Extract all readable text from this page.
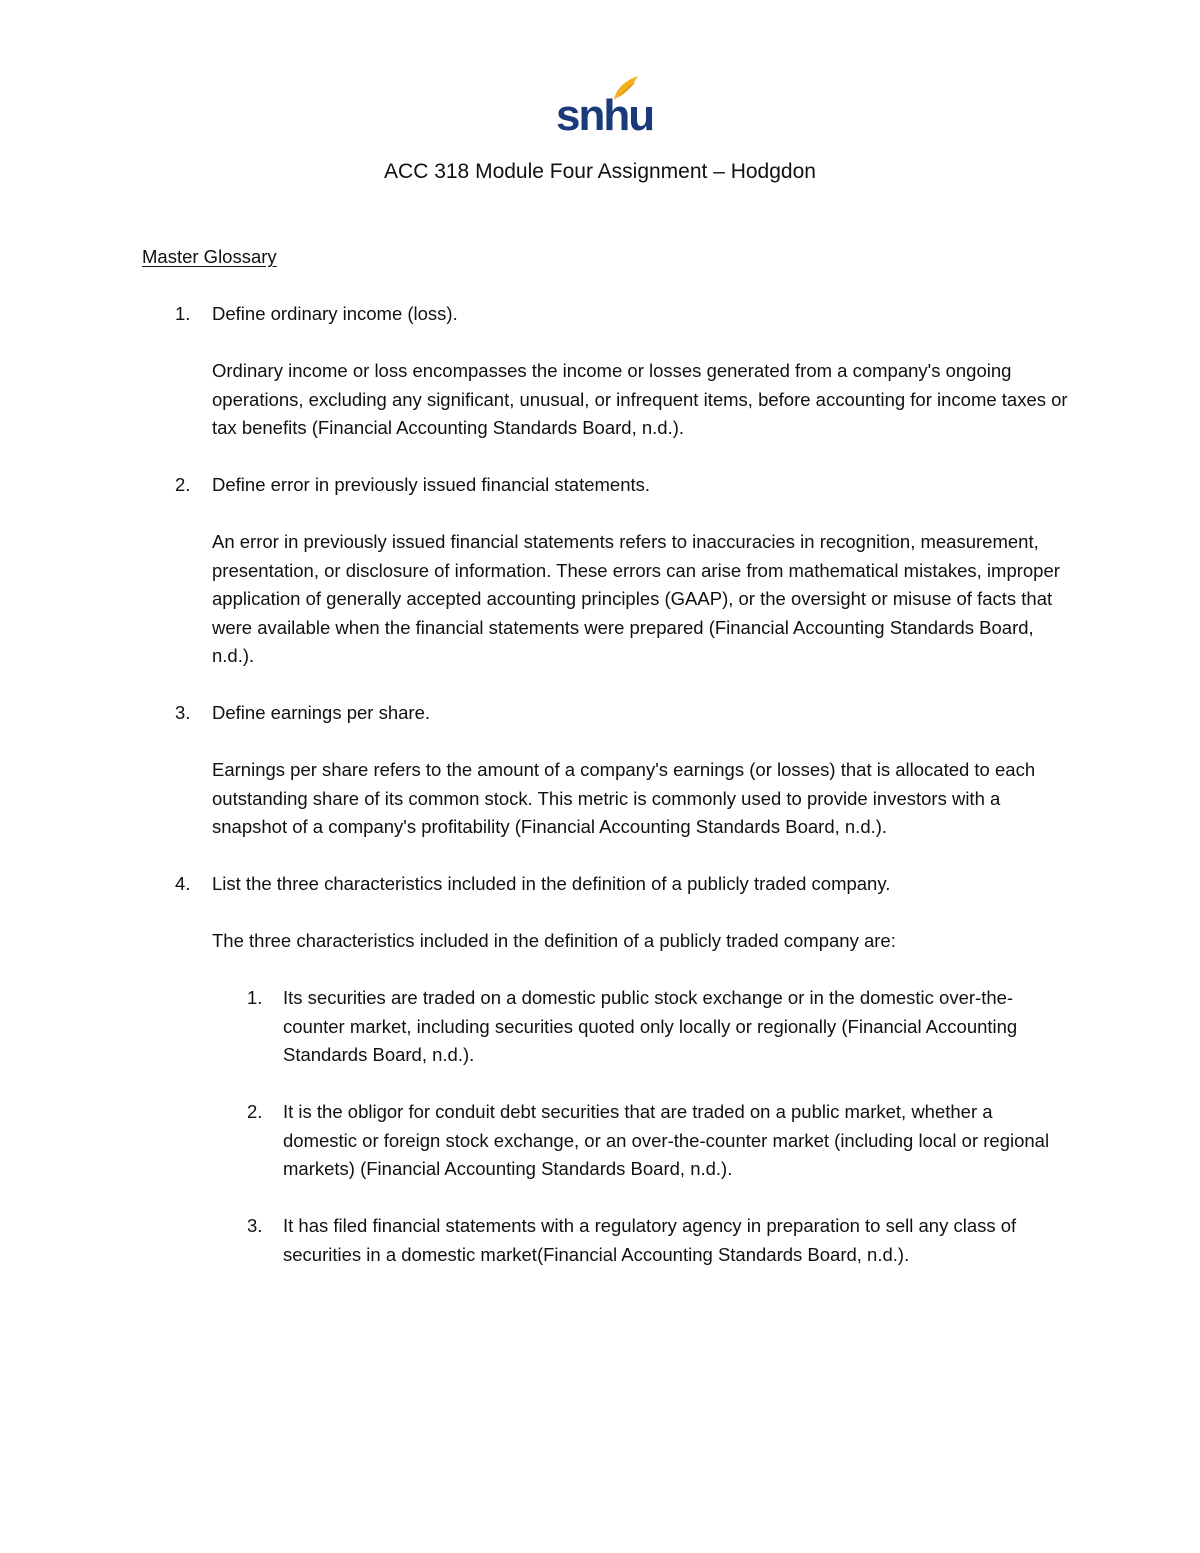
snhu
ACC 318 Module Four Assignment – Hodgdon
Master Glossary
1. Define ordinary income (loss).
Ordinary income or loss encompasses the income or losses generated from a company's ongoing operations, excluding any significant, unusual, or infrequent items, before accounting for income taxes or tax benefits (Financial Accounting Standards Board, n.d.).
2. Define error in previously issued financial statements.
An error in previously issued financial statements refers to inaccuracies in recognition, measurement, presentation, or disclosure of information. These errors can arise from mathematical mistakes, improper application of generally accepted accounting principles (GAAP), or the oversight or misuse of facts that were available when the financial statements were prepared (Financial Accounting Standards Board, n.d.).
3. Define earnings per share.
Earnings per share refers to the amount of a company's earnings (or losses) that is allocated to each outstanding share of its common stock. This metric is commonly used to provide investors with a snapshot of a company's profitability (Financial Accounting Standards Board, n.d.).
4. List the three characteristics included in the definition of a publicly traded company.
The three characteristics included in the definition of a publicly traded company are:
1. Its securities are traded on a domestic public stock exchange or in the domestic over-the-counter market, including securities quoted only locally or regionally (Financial Accounting Standards Board, n.d.).
2. It is the obligor for conduit debt securities that are traded on a public market, whether a domestic or foreign stock exchange, or an over-the-counter market (including local or regional markets) (Financial Accounting Standards Board, n.d.).
3. It has filed financial statements with a regulatory agency in preparation to sell any class of securities in a domestic market(Financial Accounting Standards Board, n.d.).
